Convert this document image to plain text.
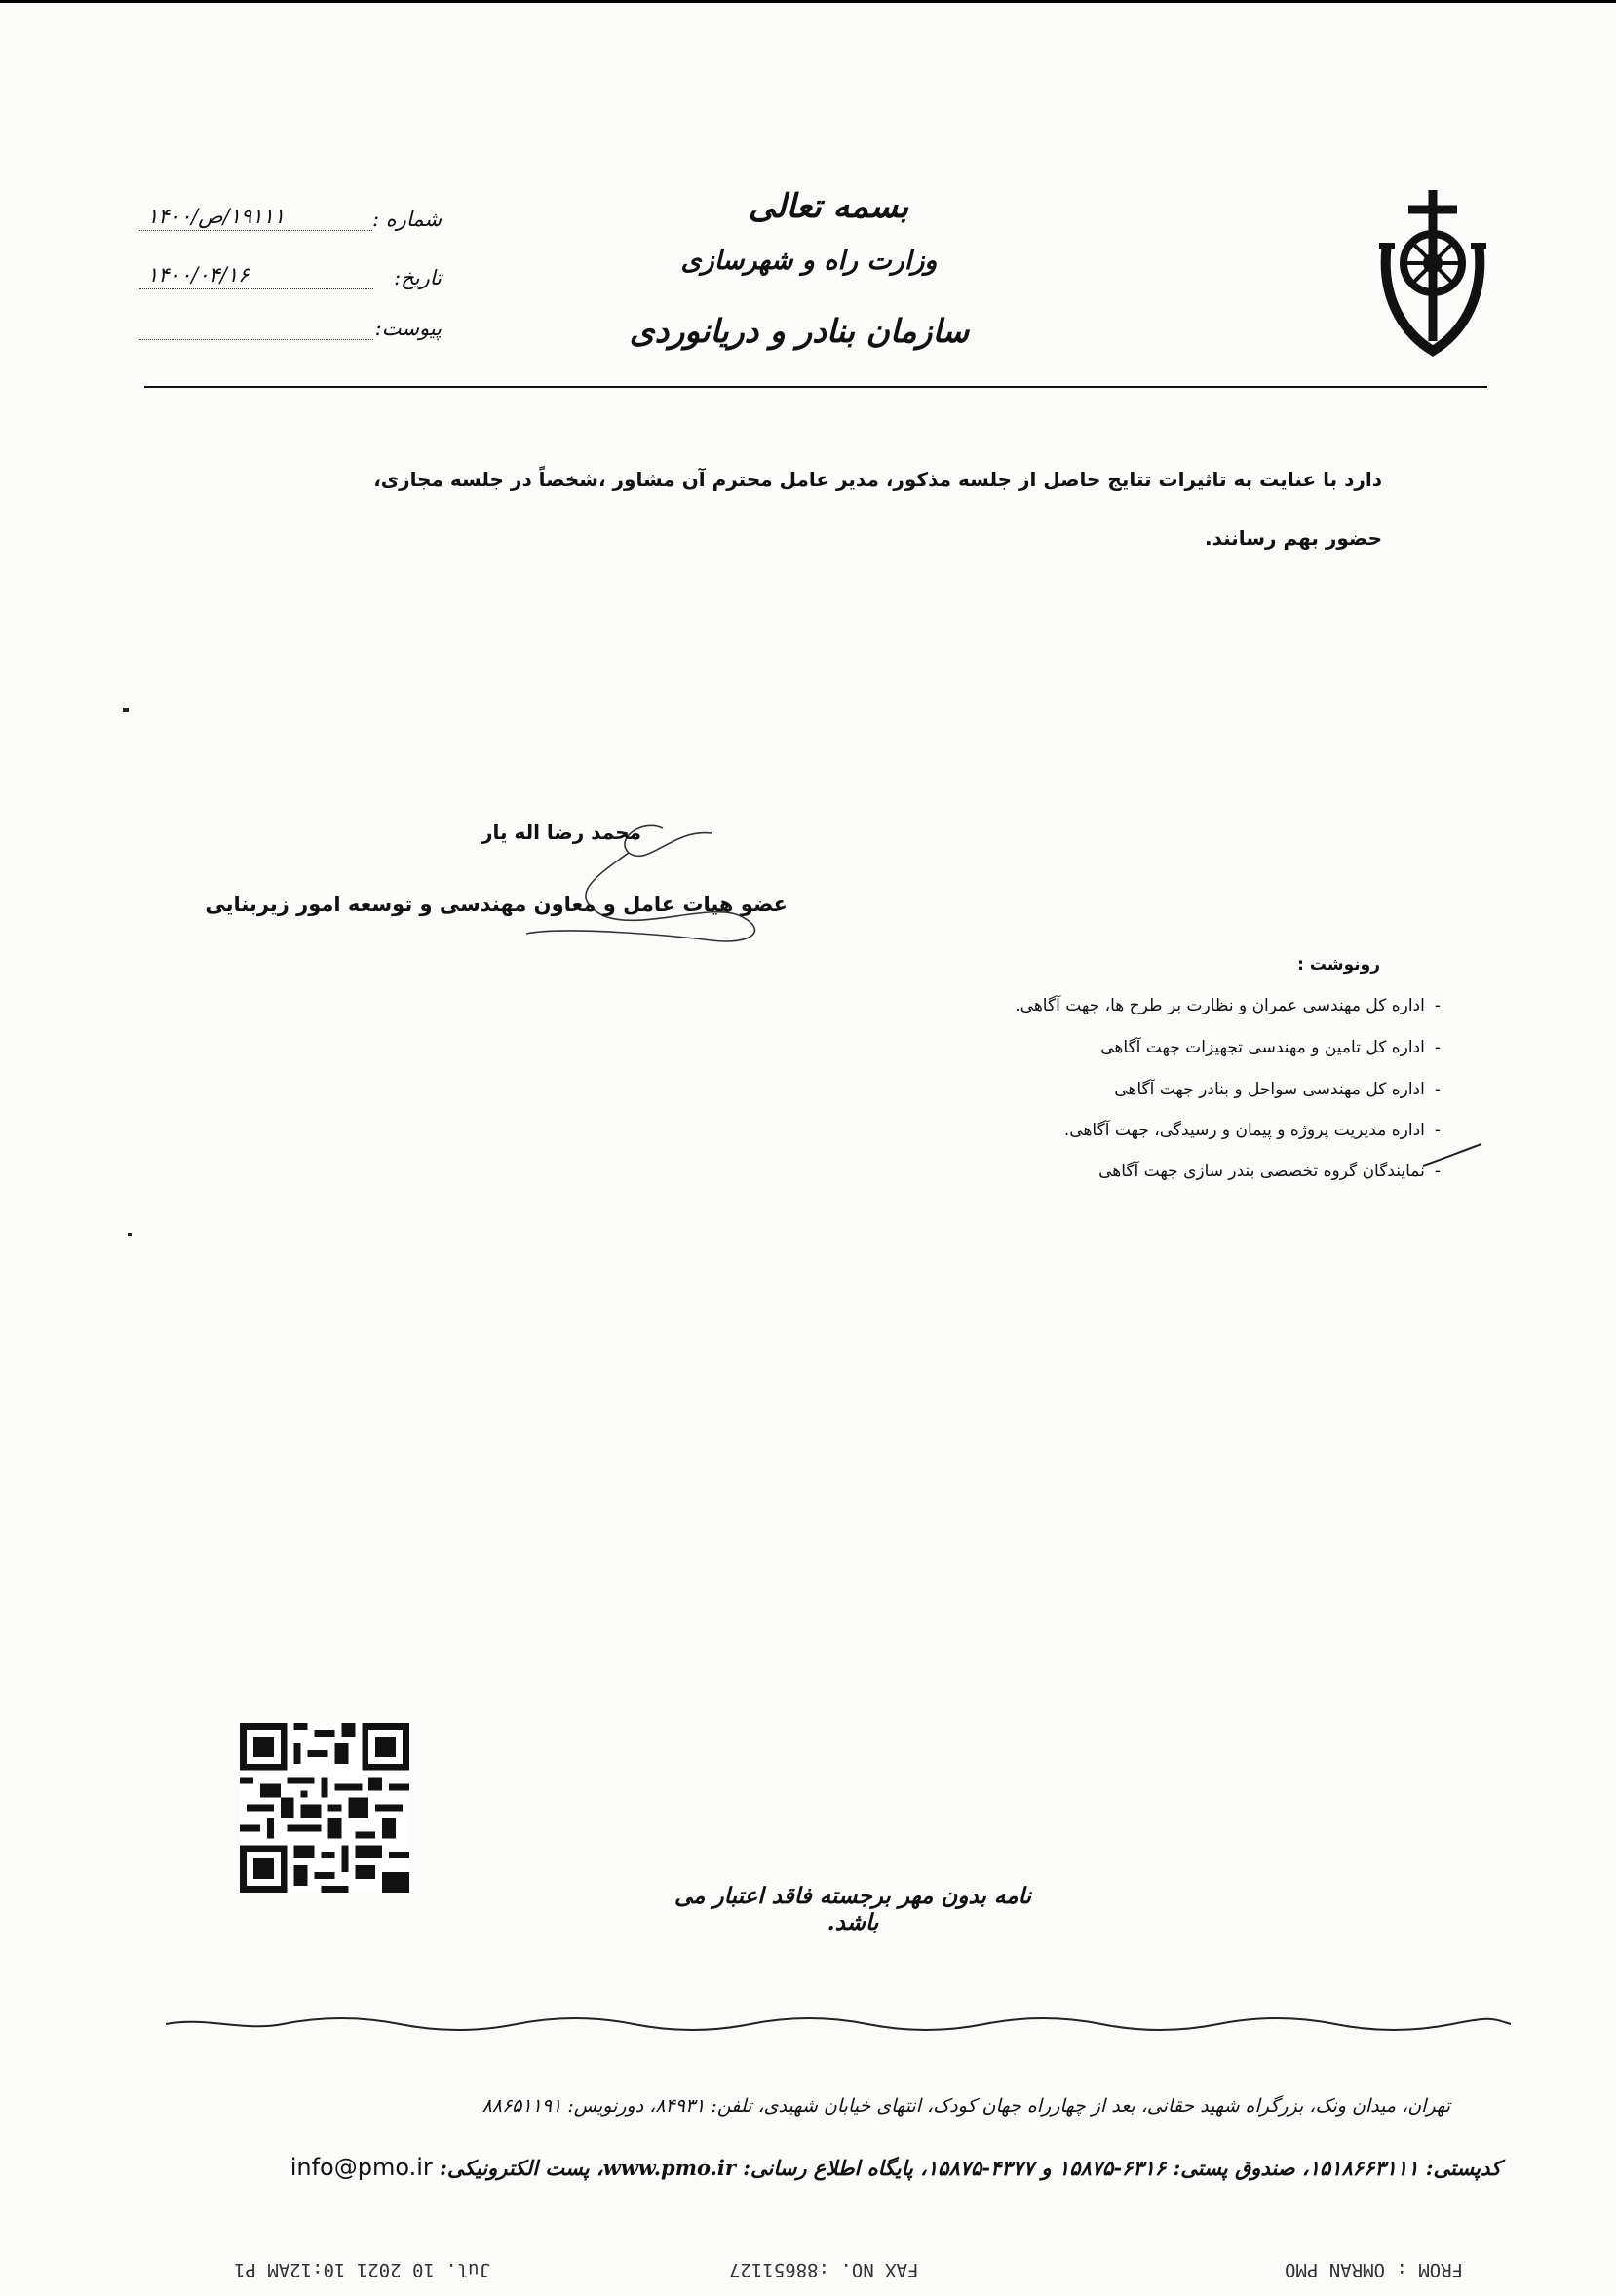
بسمه تعالی
وزارت راه و شهرسازی
سازمان بنادر و دریانوردی
شماره :
۱۹۱۱۱/ص/۱۴۰۰
تاریخ:
۱۴۰۰/۰۴/۱۶
پیوست:
دارد با عنایت به تاثیرات تتایج حاصل از جلسه مذکور، مدیر عامل محترم آن مشاور ،شخصاً در جلسه مجازی،
حضور بهم رسانند.
محمد رضا اله یار
عضو هیات عامل و معاون مهندسی و توسعه امور زیربنایی
رونوشت :
-اداره کل مهندسی عمران و نظارت بر طرح ها، جهت آگاهی.
-اداره کل تامین و مهندسی تجهیزات جهت آگاهی
-اداره کل مهندسی سواحل و بنادر جهت آگاهی
-اداره مدیریت پروژه و پیمان و رسیدگی، جهت آگاهی.
-نمایندگان گروه تخصصی بندر سازی جهت آگاهی
نامه بدون مهر برجسته فاقد اعتبار می باشد.
تهران، میدان ونک، بزرگراه شهید حقانی، بعد از چهارراه جهان کودک، انتهای خیابان شهیدی، تلفن: ۸۴۹۳۱، دورنویس: ۸۸۶۵۱۱۹۱
کدپستی: ۱۵۱۸۶۶۳۱۱۱، صندوق پستی: ۶۳۱۶-۱۵۸۷۵ و ۴۳۷۷-۱۵۸۷۵، پایگاه اطلاع رسانی: www.pmo.ir، پست الکترونیکی: info@pmo.ir
FROM : OMRAN PMO
FAX NO. :88651127
Jul. 10 2021 10:12AM P1
